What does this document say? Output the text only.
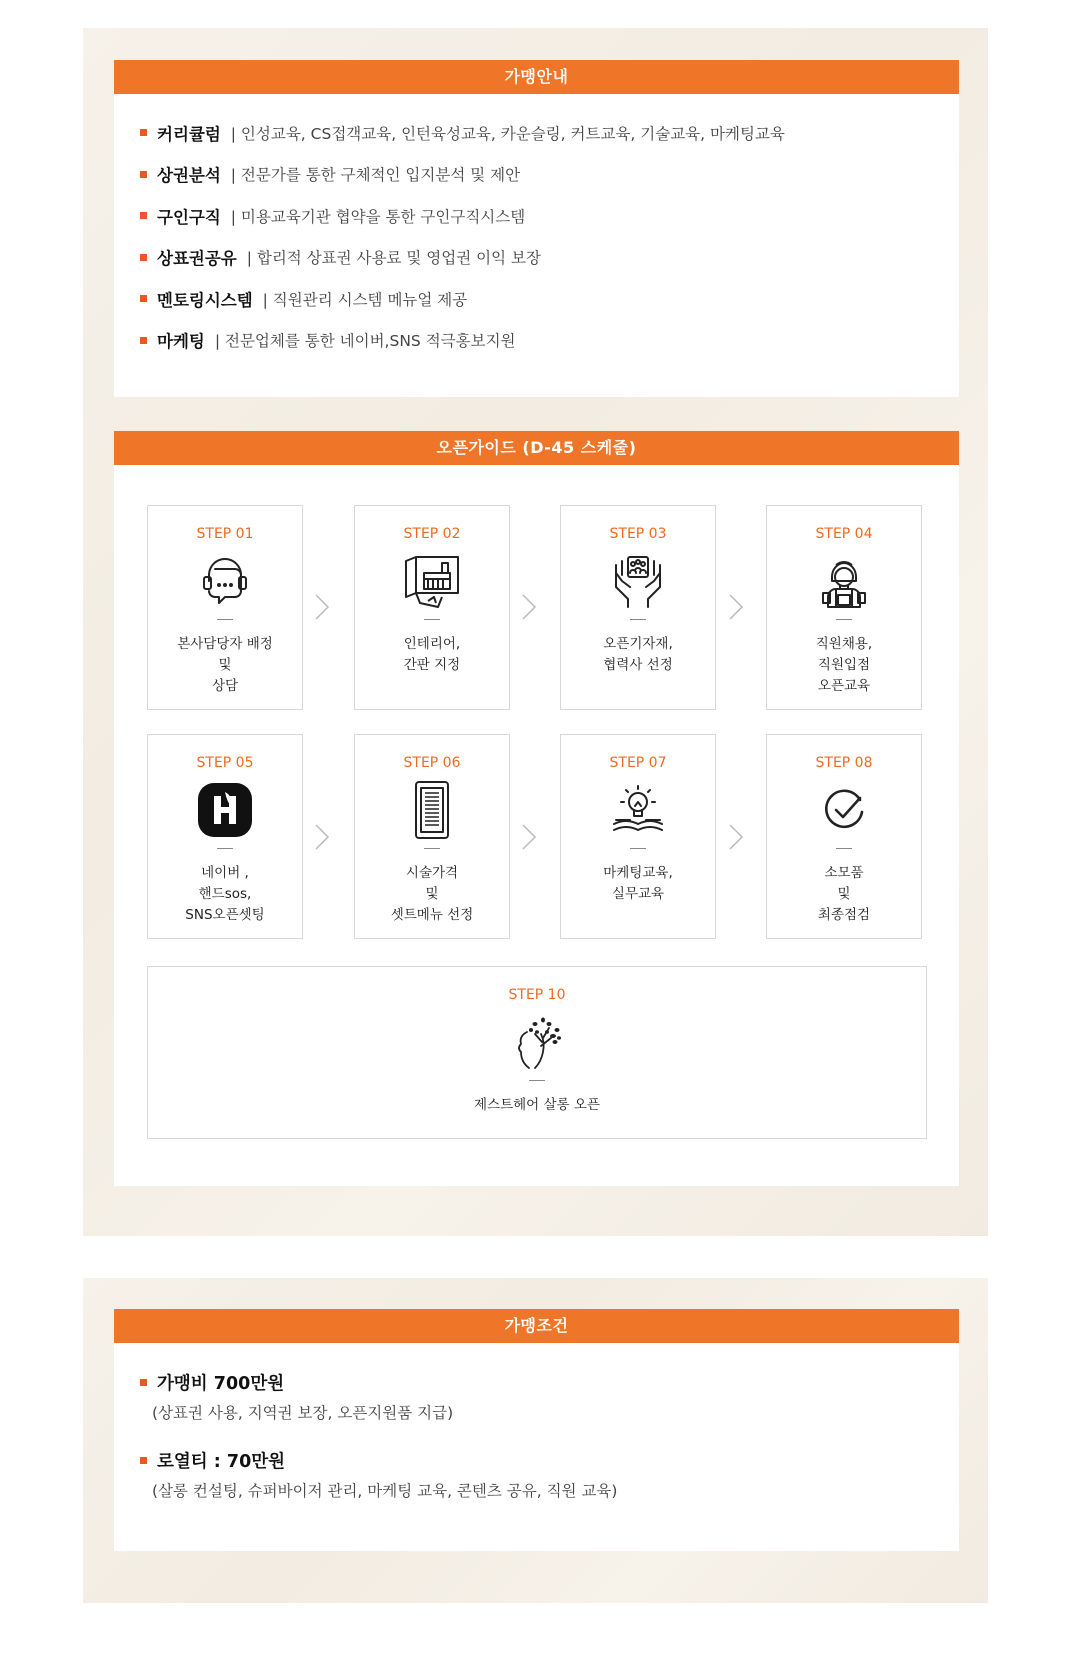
가맹안내
커리큘럼 | 인성교육, CS접객교육, 인턴육성교육, 카운슬링, 커트교육, 기술교육, 마케팅교육
상권분석 | 전문가를 통한 구체적인 입지분석 및 제안
구인구직 | 미용교육기관 협약을 통한 구인구직시스템
상표권공유 | 합리적 상표권 사용료 및 영업권 이익 보장
멘토링시스템 | 직원관리 시스템 메뉴얼 제공
마케팅 | 전문업체를 통한 네이버,SNS 적극홍보지원
오픈가이드 (D-45 스케줄)
STEP 01
본사담당자 배정
및
상담
STEP 02
인테리어,
간판 지정
STEP 03
오픈기자재,
협력사 선정
STEP 04
직원채용,
직원입점
오픈교육
STEP 05
네이버 ,
핸드sos,
SNS오픈셋팅
STEP 06
시술가격
및
셋트메뉴 선정
STEP 07
마케팅교육,
실무교육
STEP 08
소모품
및
최종점검
STEP 10
제스트헤어 살롱 오픈
가맹조건
가맹비 700만원
(상표권 사용, 지역권 보장, 오픈지원품 지급)
로열티 : 70만원
(살롱 컨설팅, 슈퍼바이저 관리, 마케팅 교육, 콘텐츠 공유, 직원 교육)
